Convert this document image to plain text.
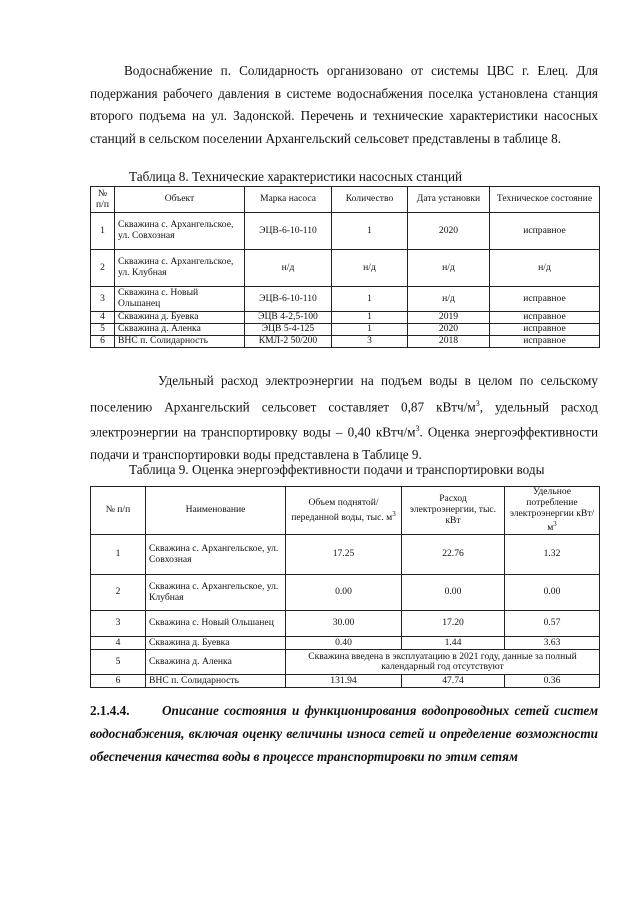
Водоснабжение п. Солидарность организовано от системы ЦВС г. Елец. Для подержания рабочего давления в системе водоснабжения поселка установлена станция второго подъема на ул. Задонской. Перечень и технические характеристики насосных станций в сельском поселении Архангельский сельсовет представлены в таблице 8.

Таблица 8. Технические характеристики насосных станций

№ п/п	Объект	Марка насоса	Количество	Дата установки	Техническое состояние
1	Скважина с. Архангельское, ул. Совхозная	ЭЦВ-6-10-110	1	2020	исправное
2	Скважина с. Архангельское, ул. Клубная	н/д	н/д	н/д	н/д
3	Скважина с. Новый Ольшанец	ЭЦВ-6-10-110	1	н/д	исправное
4	Скважина д. Буевка	ЭЦВ 4-2,5-100	1	2019	исправное
5	Скважина д. Аленка	ЭЦВ 5-4-125	1	2020	исправное
6	ВНС п. Солидарность	КМЛ-2 50/200	3	2018	исправное

Удельный расход электроэнергии на подъем воды в целом по сельскому поселению Архангельский сельсовет составляет 0,87 кВтч/$м^3$, удельный расход электроэнергии на транспортировку воды – 0,40 кВтч/$м^3$. Оценка энергоэффективности подачи и транспортировки воды представлена в Таблице 9.

Таблица 9. Оценка энергоэффективности подачи и транспортировки воды

№ п/п	Наименование	Объем поднятой/переданной воды, тыс. $м^3$	Расход электроэнергии, тыс. кВт	Удельное потребление электроэнергии кВт/$м^3$
1	Скважина с. Архангельское, ул. Совхозная	17.25	22.76	1.32
2	Скважина с. Архангельское, ул. Клубная	0.00	0.00	0.00
3	Скважина с. Новый Ольшанец	30.00	17.20	0.57
4	Скважина д. Буевка	0.40	1.44	3.63
5	Скважина д. Аленка	Скважина введена в эксплуатацию в 2021 году, данные за полный календарный год отсутствуют		
6	ВНС п. Солидарность	131.94	47.74	0.36

2.1.4.4. Описание состояния и функционирования водопроводных сетей систем водоснабжения, включая оценку величины износа сетей и определение возможности обеспечения качества воды в процессе транспортировки по этим сетям
